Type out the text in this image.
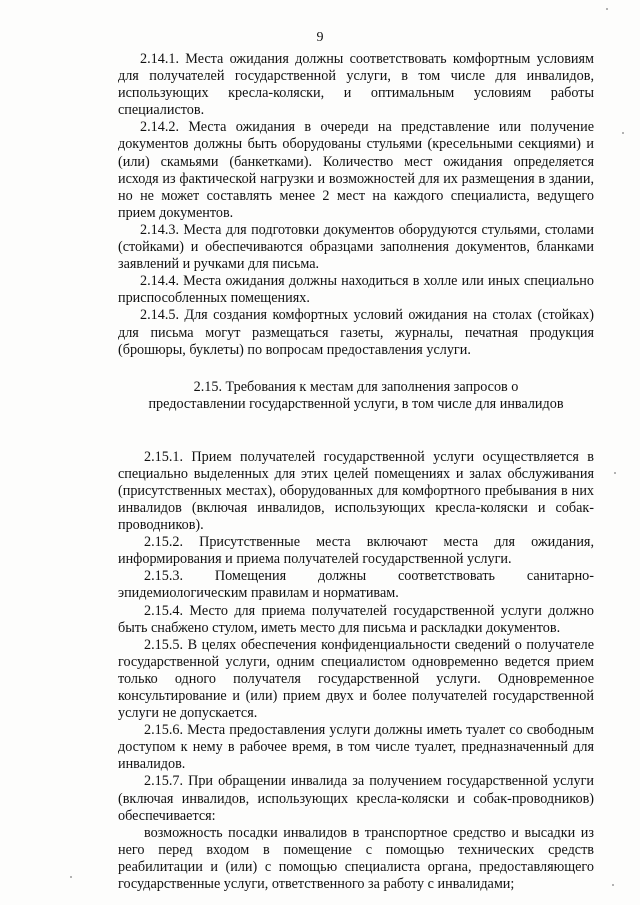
9

2.14.1. Места ожидания должны соответствовать комфортным условиям для получателей государственной услуги, в том числе для инвалидов, использующих кресла-коляски, и оптимальным условиям работы специалистов.

2.14.2. Места ожидания в очереди на представление или получение документов должны быть оборудованы стульями (кресельными секциями) и (или) скамьями (банкетками). Количество мест ожидания определяется исходя из фактической нагрузки и возможностей для их размещения в здании, но не может составлять менее 2 мест на каждого специалиста, ведущего прием документов.

2.14.3. Места для подготовки документов оборудуются стульями, столами (стойками) и обеспечиваются образцами заполнения документов, бланками заявлений и ручками для письма.

2.14.4. Места ожидания должны находиться в холле или иных специально приспособленных помещениях.

2.14.5. Для создания комфортных условий ожидания на столах (стойках) для письма могут размещаться газеты, журналы, печатная продукция (брошюры, буклеты) по вопросам предоставления услуги.

2.15. Требования к местам для заполнения запросов о предоставлении государственной услуги, в том числе для инвалидов

2.15.1. Прием получателей государственной услуги осуществляется в специально выделенных для этих целей помещениях и залах обслуживания (присутственных местах), оборудованных для комфортного пребывания в них инвалидов (включая инвалидов, использующих кресла-коляски и собак-проводников).

2.15.2. Присутственные места включают места для ожидания, информирования и приема получателей государственной услуги.

2.15.3. Помещения должны соответствовать санитарно-эпидемиологическим правилам и нормативам.

2.15.4. Место для приема получателей государственной услуги должно быть снабжено стулом, иметь место для письма и раскладки документов.

2.15.5. В целях обеспечения конфиденциальности сведений о получателе государственной услуги, одним специалистом одновременно ведется прием только одного получателя государственной услуги. Одновременное консультирование и (или) прием двух и более получателей государственной услуги не допускается.

2.15.6. Места предоставления услуги должны иметь туалет со свободным доступом к нему в рабочее время, в том числе туалет, предназначенный для инвалидов.

2.15.7. При обращении инвалида за получением государственной услуги (включая инвалидов, использующих кресла-коляски и собак-проводников) обеспечивается:

возможность посадки инвалидов в транспортное средство и высадки из него перед входом в помещение с помощью технических средств реабилитации и (или) с помощью специалиста органа, предоставляющего государственные услуги, ответственного за работу с инвалидами;
